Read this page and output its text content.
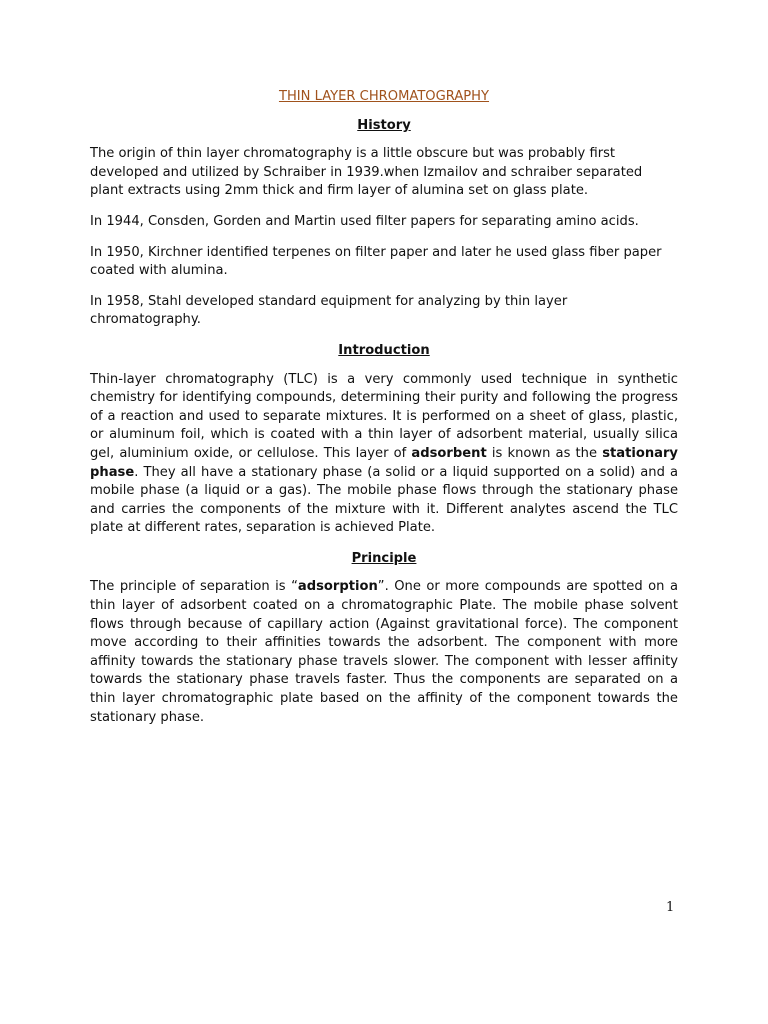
THIN LAYER CHROMATOGRAPHY
History

The origin of thin layer chromatography is a little obscure but was probably first developed and utilized by Schraiber in 1939.when Izmailov and schraiber separated plant extracts using 2mm thick and firm layer of alumina set on glass plate.

In 1944, Consden, Gorden and Martin used filter papers for separating amino acids.

In 1950, Kirchner identified terpenes on filter paper and later he used glass fiber paper coated with alumina.

In 1958, Stahl developed standard equipment for analyzing by thin layer chromatography.

Introduction

Thin-layer chromatography (TLC) is a very commonly used technique in synthetic chemistry for identifying compounds, determining their purity and following the progress of a reaction and used to separate mixtures. It is performed on a sheet of glass, plastic, or aluminum foil, which is coated with a thin layer of adsorbent material, usually silica gel, aluminium oxide, or cellulose. This layer of adsorbent is known as the stationary phase. They all have a stationary phase (a solid or a liquid supported on a solid) and a mobile phase (a liquid or a gas). The mobile phase flows through the stationary phase and carries the components of the mixture with it. Different analytes ascend the TLC plate at different rates, separation is achieved Plate.

Principle

The principle of separation is “adsorption”. One or more compounds are spotted on a thin layer of adsorbent coated on a chromatographic Plate. The mobile phase solvent flows through because of capillary action (Against gravitational force). The component move according to their affinities towards the adsorbent. The component with more affinity towards the stationary phase travels slower. The component with lesser affinity towards the stationary phase travels faster. Thus the components are separated on a thin layer chromatographic plate based on the affinity of the component towards the stationary phase.

1
